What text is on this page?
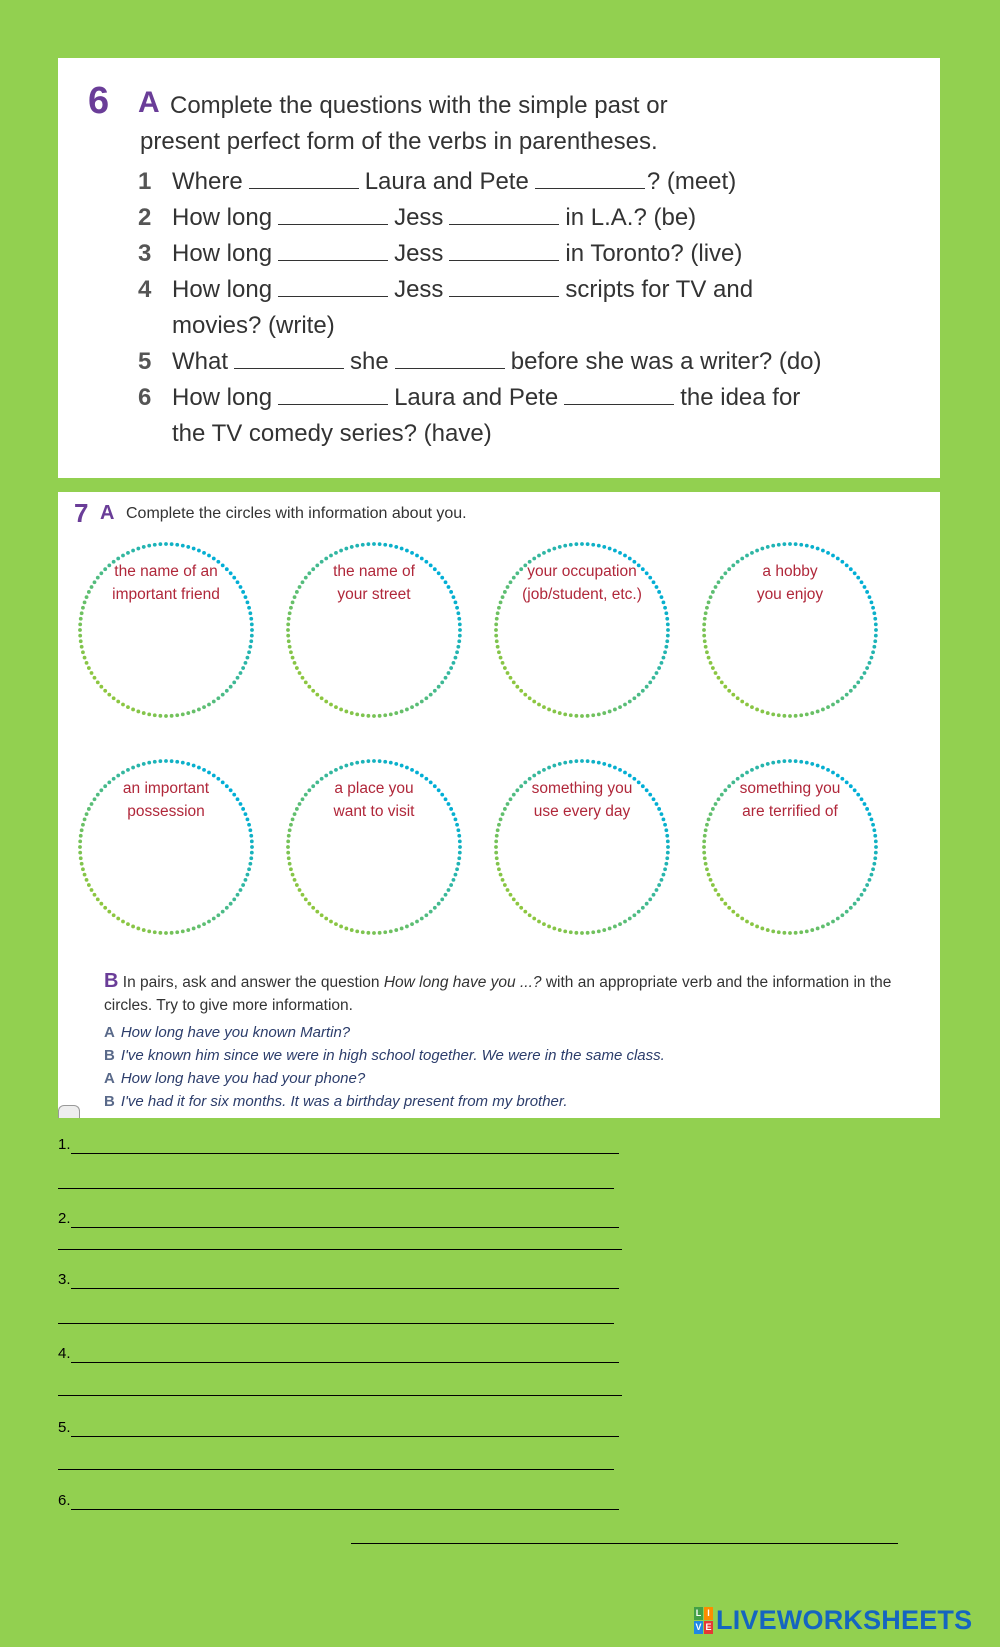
6 A Complete the questions with the simple past or
present perfect form of the verbs in parentheses.
1 Where	Laura and Pete	? (meet)
2 How long	Jess	in L.A.? (be)
3 How long	Jess	in Toronto? (live)
4 How long	Jess	scripts for TV and
movies? (write)
5 What	she	before she was a writer? (do)
6 How long	Laura and Pete	the idea for
the TV comedy series? (have)
7 A Complete the circles with information about you.
the name of an
important friend
the name of
your street
your occupation
(job/student, etc.)
a hobby
you enjoy
an important
possession
a place you
want to visit
something you
use every day
something you
are terrified of
B In pairs, ask and answer the question How long have you ...? with an appropriate verb and the information in the circles. Try to give more information.
A How long have you known Martin?
B I've known him since we were in high school together. We were in the same class.
A How long have you had your phone?
B I've had it for six months. It was a birthday present from my brother.
1.
2.
3.
4.
5.
6.
L I
V E LIVEWORKSHEETS
